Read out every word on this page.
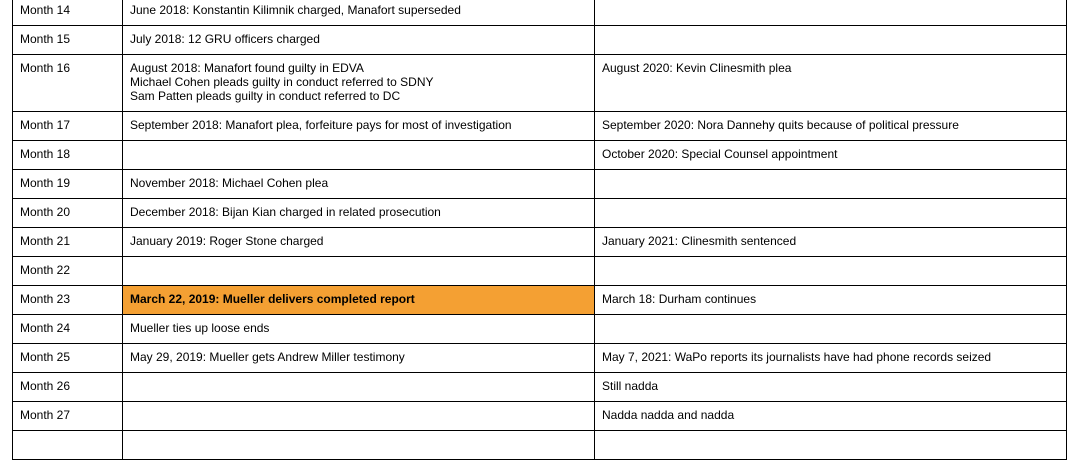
Month 14	June 2018: Konstantin Kilimnik charged, Manafort superseded	

Month 15	July 2018: 12 GRU officers charged	

Month 16	August 2018: Manafort found guilty in EDVA
Michael Cohen pleads guilty in conduct referred to SDNY
Sam Patten pleads guilty in conduct referred to DC	August 2020: Kevin Clinesmith plea

Month 17	September 2018: Manafort plea, forfeiture pays for most of investigation	September 2020: Nora Dannehy quits because of political pressure

Month 18		October 2020: Special Counsel appointment

Month 19	November 2018: Michael Cohen plea	

Month 20	December 2018: Bijan Kian charged in related prosecution	

Month 21	January 2019: Roger Stone charged	January 2021: Clinesmith sentenced

Month 22		
Month 23	March 22, 2019: Mueller delivers completed report	March 18: Durham continues

Month 24	Mueller ties up loose ends	

Month 25	May 29, 2019: Mueller gets Andrew Miller testimony	May 7, 2021: WaPo reports its journalists have had phone records seized

Month 26		Still nadda

Month 27		Nadda nadda and nadda
